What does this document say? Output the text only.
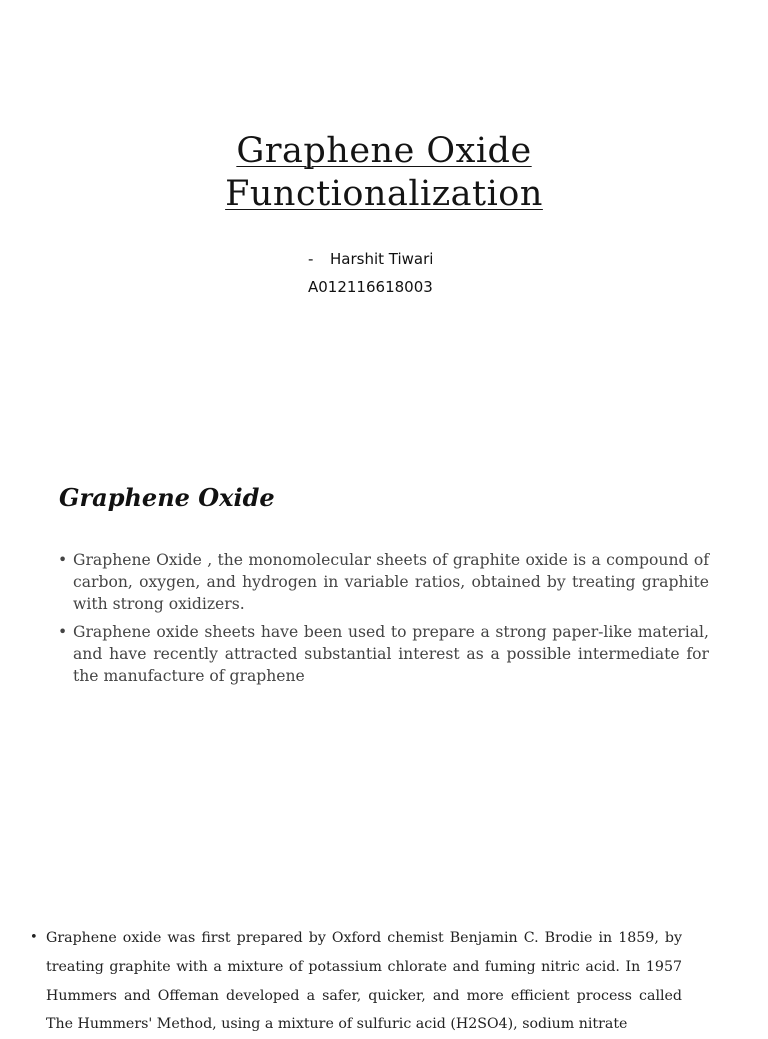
Graphene Oxide
Functionalization
- Harshit Tiwari
A012116618003
Graphene Oxide
• Graphene Oxide , the monomolecular sheets of graphite oxide is a compound of carbon, oxygen, and hydrogen in variable ratios, obtained by treating graphite with strong oxidizers.
• Graphene oxide sheets have been used to prepare a strong paper-like material, and have recently attracted substantial interest as a possible intermediate for the manufacture of graphene
• Graphene oxide was first prepared by Oxford chemist Benjamin C. Brodie in 1859, by treating graphite with a mixture of potassium chlorate and fuming nitric acid. In 1957 Hummers and Offeman developed a safer, quicker, and more efficient process called The Hummers' Method, using a mixture of sulfuric acid (H2SO4), sodium nitrate
